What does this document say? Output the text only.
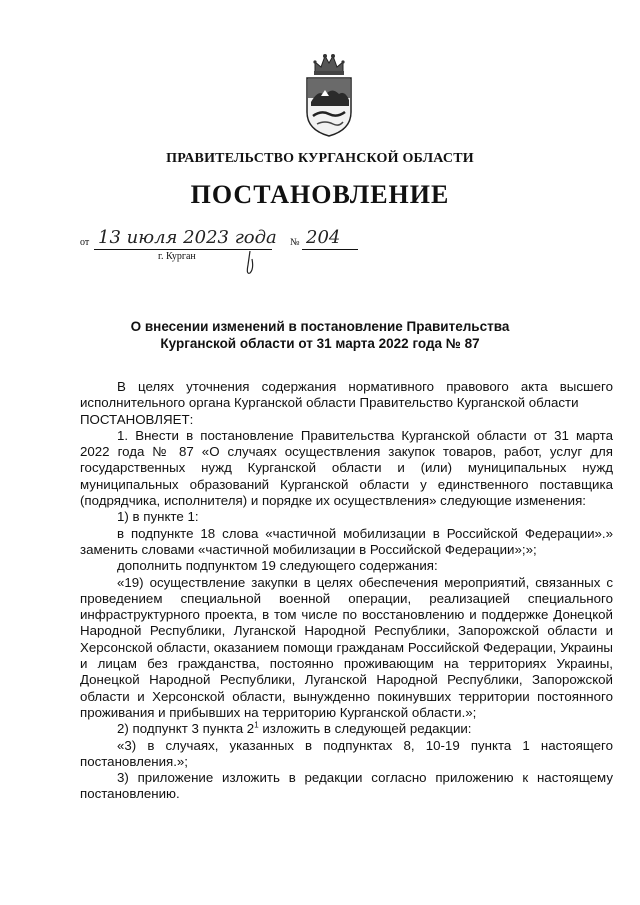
ПРАВИТЕЛЬСТВО КУРГАНСКОЙ ОБЛАСТИ
ПОСТАНОВЛЕНИЕ
от 13 июля 2023 года № 204
г. Курган
О внесении изменений в постановление Правительства
Курганской области от 31 марта 2022 года № 87

В целях уточнения содержания нормативного правового акта высшего исполнительного органа Курганской области Правительство Курганской области

ПОСТАНОВЛЯЕТ:

1. Внести в постановление Правительства Курганской области от 31 марта 2022 года № 87 «О случаях осуществления закупок товаров, работ, услуг для государственных нужд Курганской области и (или) муниципальных нужд муниципальных образований Курганской области у единственного поставщика (подрядчика, исполнителя) и порядке их осуществления» следующие изменения:

1) в пункте 1:

в подпункте 18 слова «частичной мобилизации в Российской Федерации».» заменить словами «частичной мобилизации в Российской Федерации»;»;

дополнить подпунктом 19 следующего содержания:

«19) осуществление закупки в целях обеспечения мероприятий, связанных с проведением специальной военной операции, реализацией специального инфраструктурного проекта, в том числе по восстановлению и поддержке Донецкой Народной Республики, Луганской Народной Республики, Запорожской области и Херсонской области, оказанием помощи гражданам Российской Федерации, Украины и лицам без гражданства, постоянно проживающим на территориях Украины, Донецкой Народной Республики, Луганской Народной Республики, Запорожской области и Херсонской области, вынужденно покинувших территории постоянного проживания и прибывших на территорию Курганской области.»;

2) подпункт 3 пункта $2^1$ изложить в следующей редакции:

«3) в случаях, указанных в подпунктах 8, 10-19 пункта 1 настоящего постановления.»;

3) приложение изложить в редакции согласно приложению к настоящему постановлению.
